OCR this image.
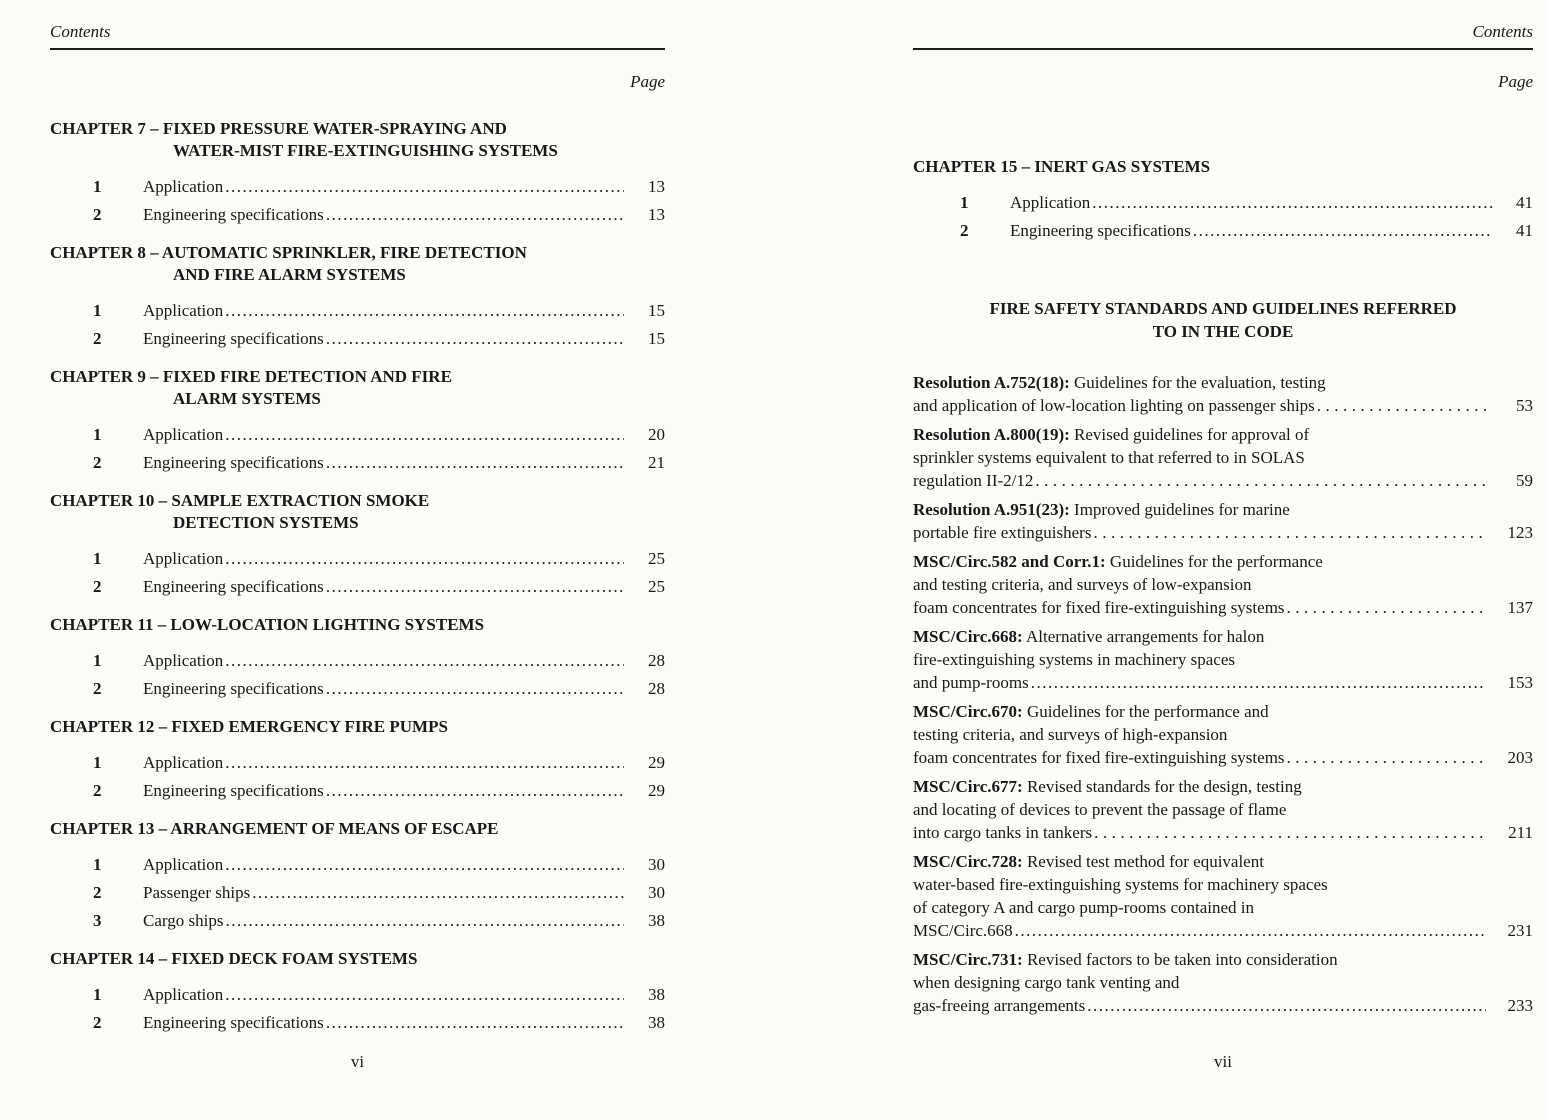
Contents
Page
CHAPTER 7 – FIXED PRESSURE WATER-SPRAYING AND
WATER-MIST FIRE-EXTINGUISHING SYSTEMS
1	Application .....	13
2	Engineering specifications .....	13
CHAPTER 8 – AUTOMATIC SPRINKLER, FIRE DETECTION
AND FIRE ALARM SYSTEMS
1	Application .....	15
2	Engineering specifications .....	15
CHAPTER 9 – FIXED FIRE DETECTION AND FIRE
ALARM SYSTEMS
1	Application .....	20
2	Engineering specifications .....	21
CHAPTER 10 – SAMPLE EXTRACTION SMOKE
DETECTION SYSTEMS
1	Application .....	25
2	Engineering specifications .....	25
CHAPTER 11 – LOW-LOCATION LIGHTING SYSTEMS
1	Application .....	28
2	Engineering specifications .....	28
CHAPTER 12 – FIXED EMERGENCY FIRE PUMPS
1	Application .....	29
2	Engineering specifications .....	29
CHAPTER 13 – ARRANGEMENT OF MEANS OF ESCAPE
1	Application .....	30
2	Passenger ships .....	30
3	Cargo ships .....	38
CHAPTER 14 – FIXED DECK FOAM SYSTEMS
1	Application .....	38
2	Engineering specifications .....	38
Contents
Page
CHAPTER 15 – INERT GAS SYSTEMS
1	Application .....	41
2	Engineering specifications .....	41
FIRE SAFETY STANDARDS AND GUIDELINES REFERRED
TO IN THE CODE
Resolution A.752(18): Guidelines for the evaluation, testing
and application of low-location lighting on passenger ships .....	53
Resolution A.800(19): Revised guidelines for approval of
sprinkler systems equivalent to that referred to in SOLAS
regulation II-2/12 .....	59
Resolution A.951(23): Improved guidelines for marine
portable fire extinguishers .....	123
MSC/Circ.582 and Corr.1: Guidelines for the performance
and testing criteria, and surveys of low-expansion
foam concentrates for fixed fire-extinguishing systems .....	137
MSC/Circ.668: Alternative arrangements for halon
fire-extinguishing systems in machinery spaces
and pump-rooms .....	153
MSC/Circ.670: Guidelines for the performance and
testing criteria, and surveys of high-expansion
foam concentrates for fixed fire-extinguishing systems .....	203
MSC/Circ.677: Revised standards for the design, testing
and locating of devices to prevent the passage of flame
into cargo tanks in tankers .....	211
MSC/Circ.728: Revised test method for equivalent
water-based fire-extinguishing systems for machinery spaces
of category A and cargo pump-rooms contained in
MSC/Circ.668 .....	231
MSC/Circ.731: Revised factors to be taken into consideration
when designing cargo tank venting and
gas-freeing arrangements .....	233
vi	vii
